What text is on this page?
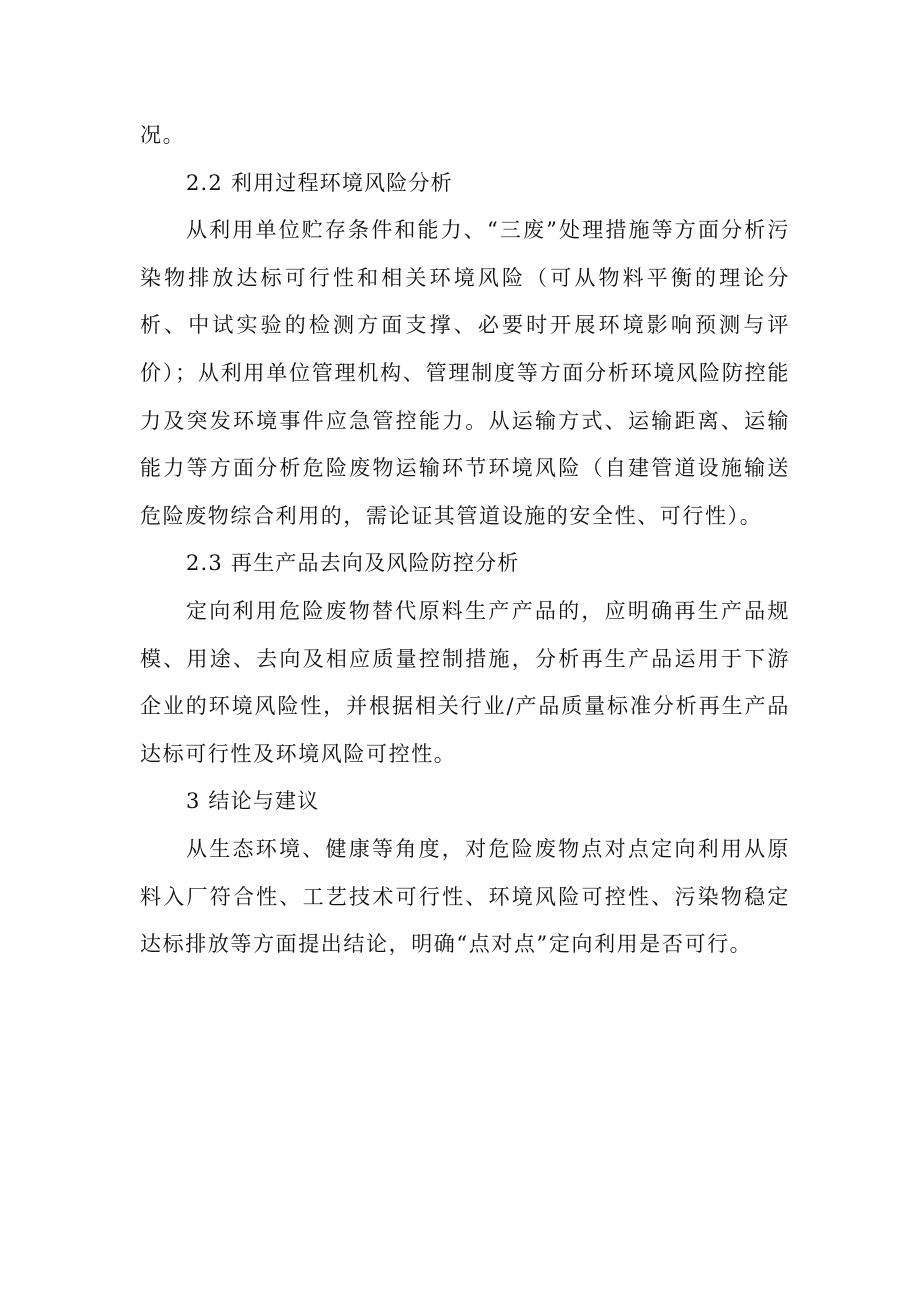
况。

2.2 利用过程环境风险分析

从利用单位贮存条件和能力、“三废”处理措施等方面分析污染物排放达标可行性和相关环境风险（可从物料平衡的理论分析、中试实验的检测方面支撑、必要时开展环境影响预测与评价）；从利用单位管理机构、管理制度等方面分析环境风险防控能力及突发环境事件应急管控能力。从运输方式、运输距离、运输能力等方面分析危险废物运输环节环境风险（自建管道设施输送危险废物综合利用的，需论证其管道设施的安全性、可行性）。

2.3 再生产品去向及风险防控分析

定向利用危险废物替代原料生产产品的，应明确再生产品规模、用途、去向及相应质量控制措施，分析再生产品运用于下游企业的环境风险性，并根据相关行业/产品质量标准分析再生产品达标可行性及环境风险可控性。

3 结论与建议

从生态环境、健康等角度，对危险废物点对点定向利用从原料入厂符合性、工艺技术可行性、环境风险可控性、污染物稳定达标排放等方面提出结论，明确“点对点”定向利用是否可行。
